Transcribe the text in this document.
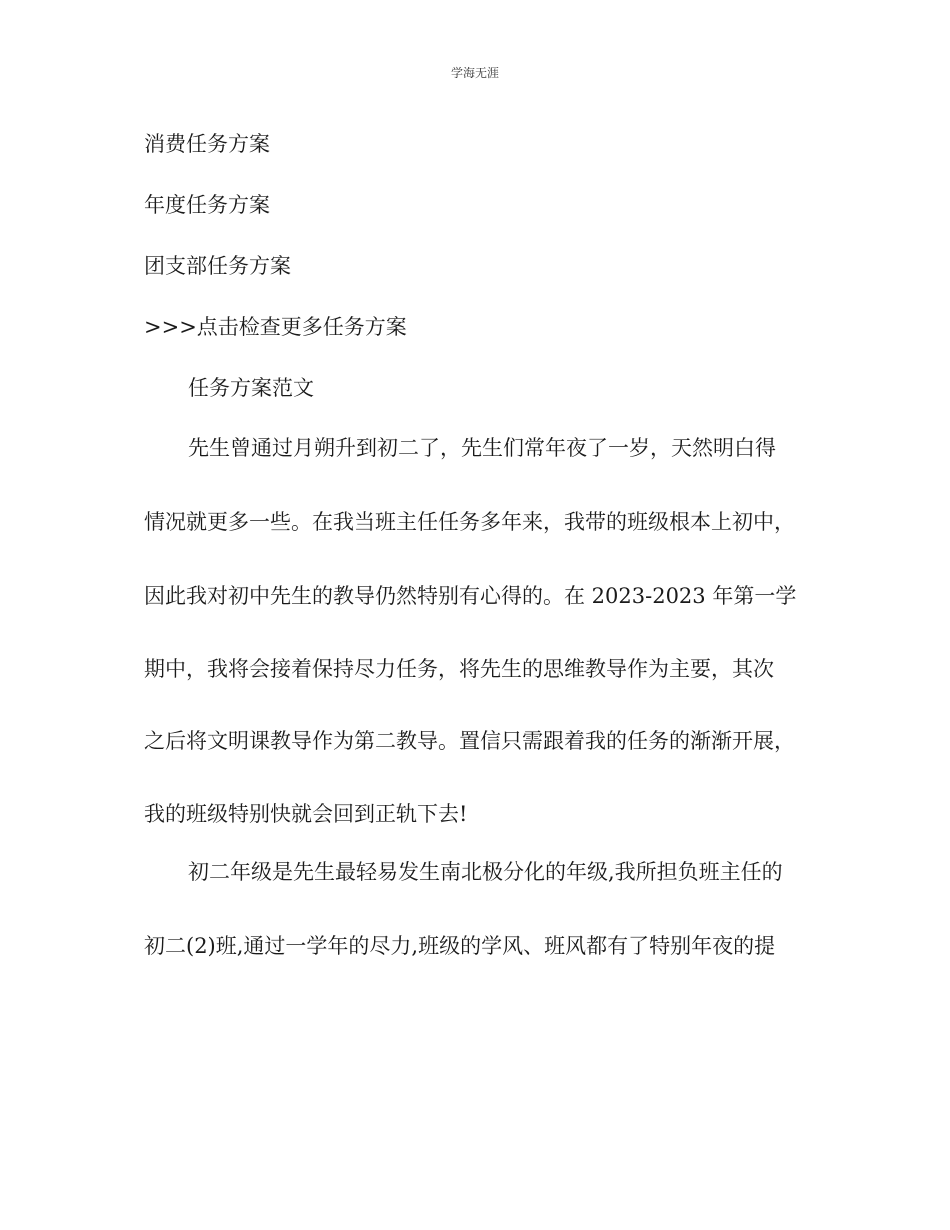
学海无涯
消费任务方案
年度任务方案
团支部任务方案
>>>点击检查更多任务方案
任务方案范文
先生曾通过月朔升到初二了，先生们常年夜了一岁，天然明白得
情况就更多一些。在我当班主任任务多年来，我带的班级根本上初中，
因此我对初中先生的教导仍然特别有心得的。在 2023-2023 年第一学
期中，我将会接着保持尽力任务，将先生的思维教导作为主要，其次
之后将文明课教导作为第二教导。置信只需跟着我的任务的渐渐开展，
我的班级特别快就会回到正轨下去!
初二年级是先生最轻易发生南北极分化的年级,我所担负班主任的
初二(2)班,通过一学年的尽力,班级的学风、班风都有了特别年夜的提
